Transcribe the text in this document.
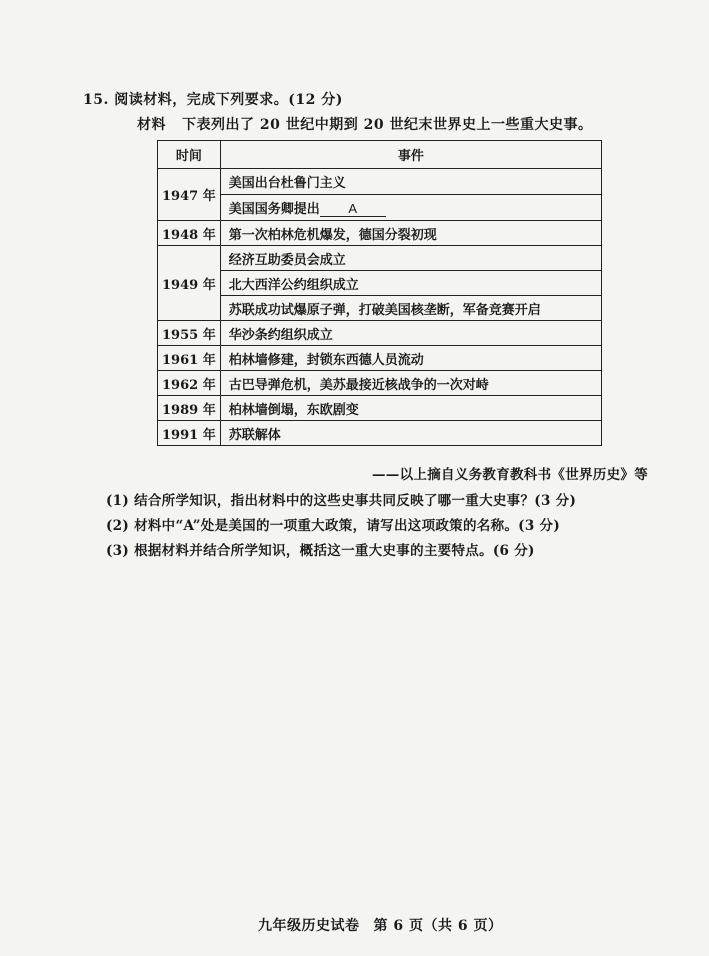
15. 阅读材料，完成下列要求。(12 分)
材料 下表列出了 20 世纪中期到 20 世纪末世界史上一些重大史事。
时间	事件
1947 年	美国出台杜鲁门主义
	美国国务卿提出 A
1948 年	第一次柏林危机爆发，德国分裂初现
1949 年	经济互助委员会成立
	北大西洋公约组织成立
	苏联成功试爆原子弹，打破美国核垄断，军备竞赛开启
1955 年	华沙条约组织成立
1961 年	柏林墙修建，封锁东西德人员流动
1962 年	古巴导弹危机，美苏最接近核战争的一次对峙
1989 年	柏林墙倒塌，东欧剧变
1991 年	苏联解体
——以上摘自义务教育教科书《世界历史》等
(1) 结合所学知识，指出材料中的这些史事共同反映了哪一重大史事？(3 分)
(2) 材料中“A”处是美国的一项重大政策，请写出这项政策的名称。(3 分)
(3) 根据材料并结合所学知识，概括这一重大史事的主要特点。(6 分)
九年级历史试卷 第 6 页（共 6 页）
